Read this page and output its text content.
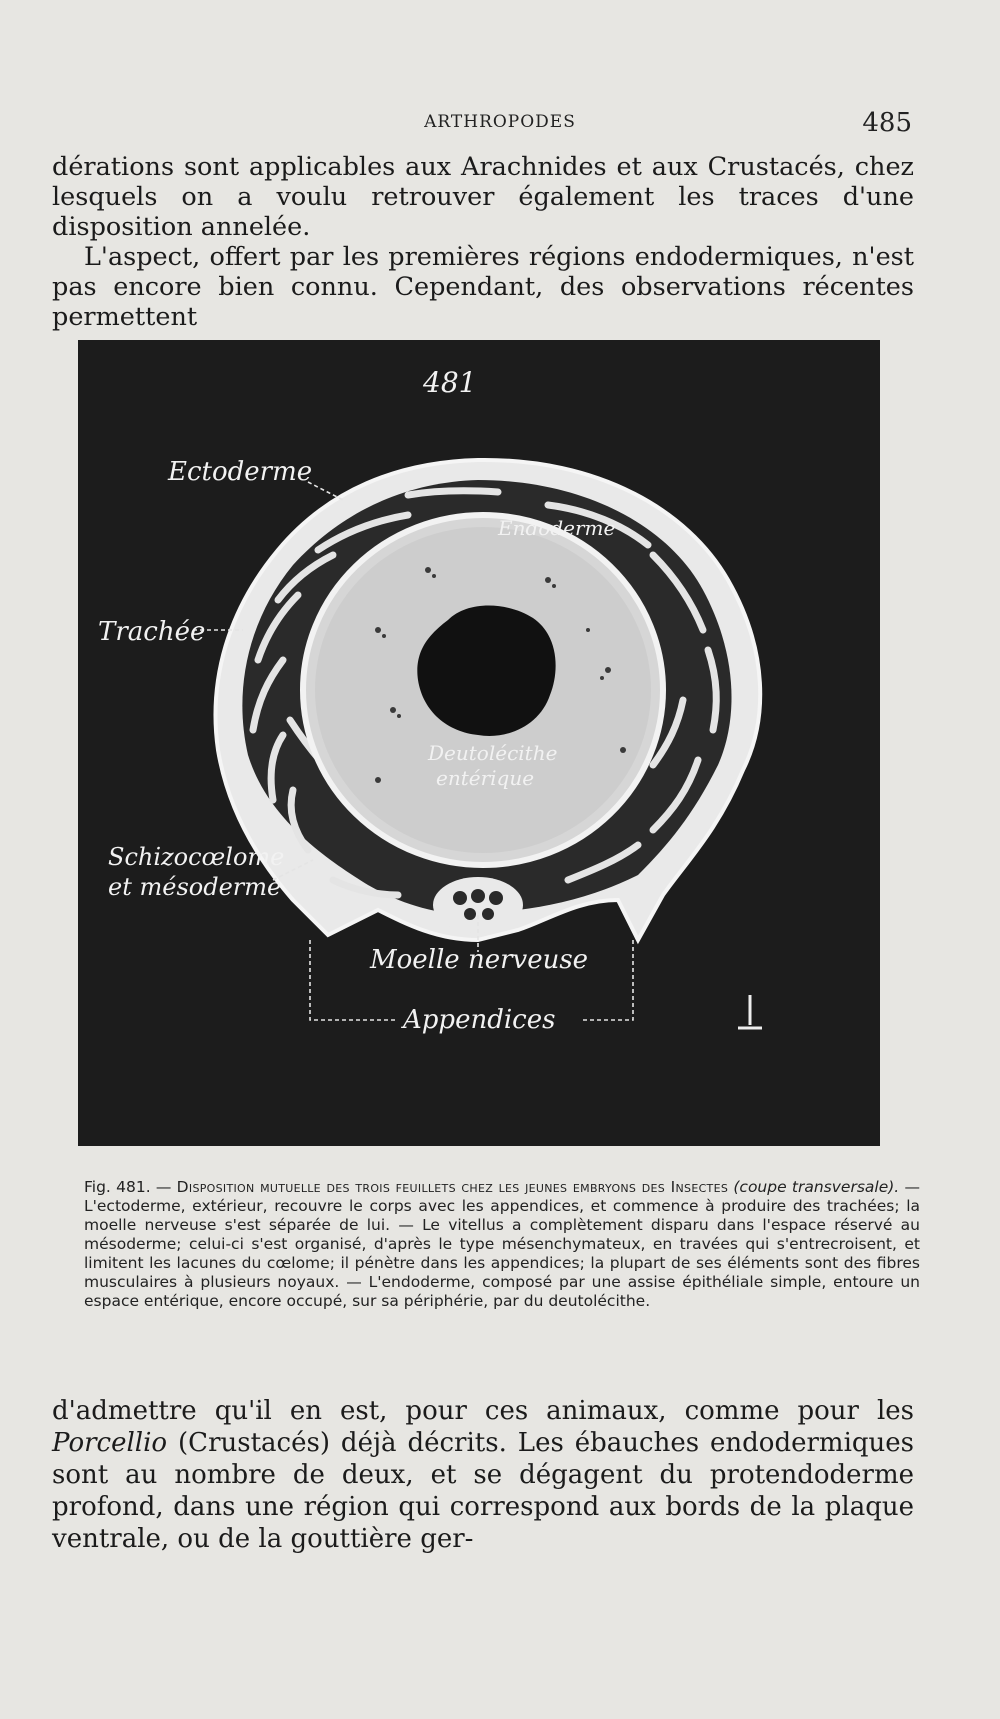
ARTHROPODES	485

dérations sont applicables aux Arachnides et aux Crustacés, chez lesquels on a voulu retrouver également les traces d'une disposition annelée.

L'aspect, offert par les premières régions endodermiques, n'est pas encore bien connu. Cependant, des observations récentes permettent

481
Ectoderme
Endoderme
Trachée
Deutolécithe
entérique
Schizocœlome
et mésoderme
Moelle nerveuse
Appendices
Fig. 481. — Disposition mutuelle des trois feuillets chez les jeunes embryons des Insectes (coupe transversale). — L'ectoderme, extérieur, recouvre le corps avec les appendices, et commence à produire des trachées; la moelle nerveuse s'est séparée de lui. — Le vitellus a complètement disparu dans l'espace réservé au mésoderme; celui-ci s'est organisé, d'après le type mésenchymateux, en travées qui s'entrecroisent, et limitent les lacunes du cœlome; il pénètre dans les appendices; la plupart de ses éléments sont des fibres musculaires à plusieurs noyaux. — L'endoderme, composé par une assise épithéliale simple, entoure un espace entérique, encore occupé, sur sa périphérie, par du deutolécithe.

d'admettre qu'il en est, pour ces animaux, comme pour les Porcellio (Crustacés) déjà décrits. Les ébauches endodermiques sont au nombre de deux, et se dégagent du protendoderme profond, dans une région qui correspond aux bords de la plaque ventrale, ou de la gouttière ger-
